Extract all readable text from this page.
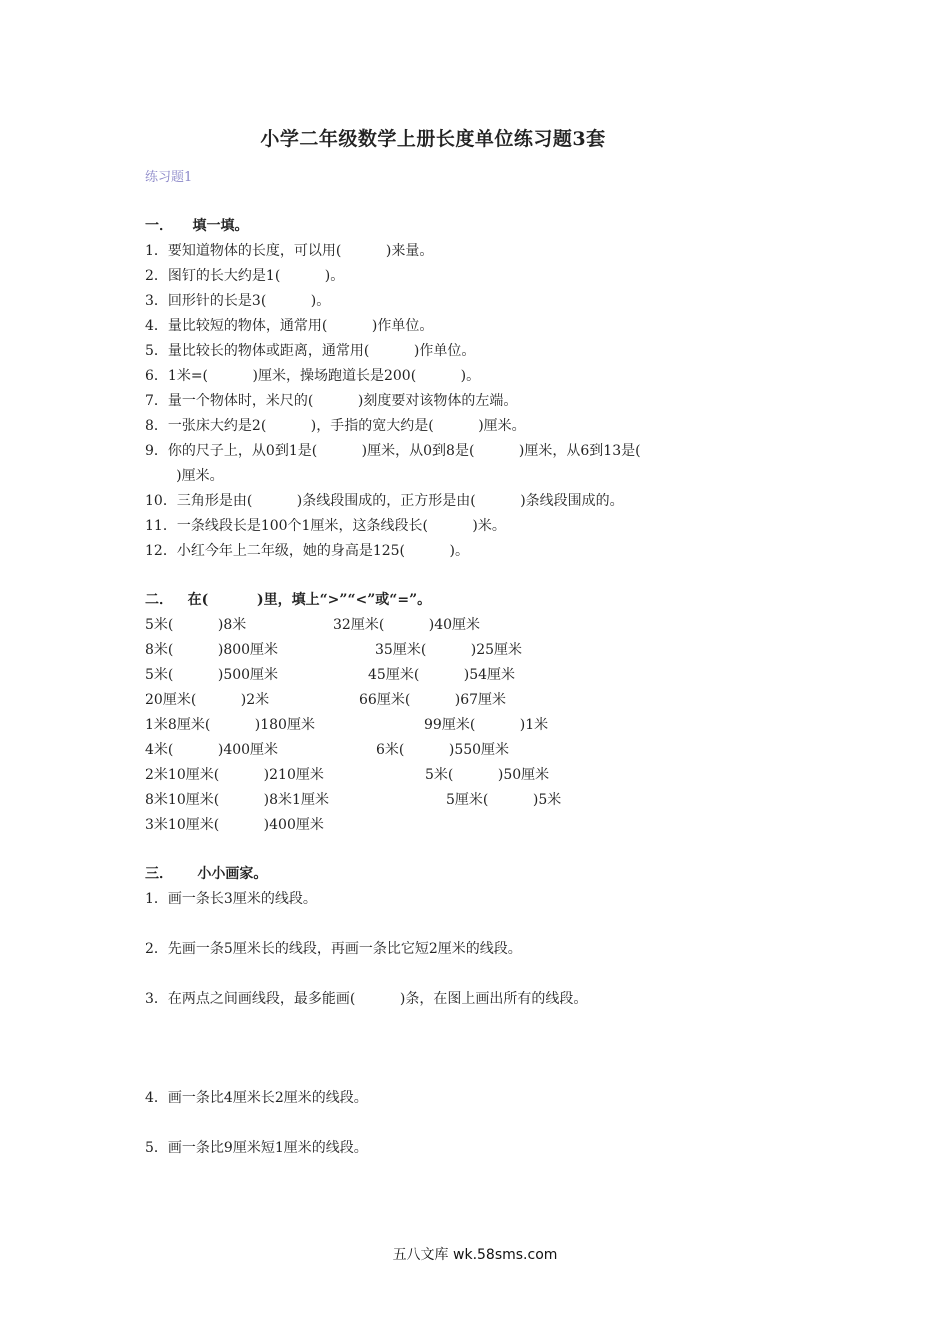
小学二年级数学上册长度单位练习题3套
练习题1
一．    填一填。
1．要知道物体的长度，可以用(          )来量。
2．图钉的长大约是1(          )。
3．回形针的长是3(          )。
4．量比较短的物体，通常用(          )作单位。
5．量比较长的物体或距离，通常用(          )作单位。
6．1米=(          )厘米，操场跑道长是200(          )。
7．量一个物体时，米尺的(          )刻度要对该物体的左端。
8．一张床大约是2(          )，手指的宽大约是(          )厘米。
9．你的尺子上，从0到1是(          )厘米，从0到8是(          )厘米，从6到13是(
)厘米。
10．三角形是由(          )条线段围成的，正方形是由(          )条线段围成的。
11．一条线段长是100个1厘米，这条线段长(          )米。
12．小红今年上二年级，她的身高是125(          )。
二．   在(          )里，填上“>”“<”或“=”。
5米(          )8米	32厘米(          )40厘米
8米(          )800厘米	35厘米(          )25厘米
5米(          )500厘米	45厘米(          )54厘米
20厘米(          )2米	66厘米(          )67厘米
1米8厘米(          )180厘米	99厘米(          )1米
4米(          )400厘米	6米(          )550厘米
2米10厘米(          )210厘米	5米(          )50厘米
8米10厘米(          )8米1厘米	5厘米(          )5米
3米10厘米(          )400厘米
三．     小小画家。
1．画一条长3厘米的线段。
2．先画一条5厘米长的线段，再画一条比它短2厘米的线段。
3．在两点之间画线段，最多能画(          )条，在图上画出所有的线段。
4．画一条比4厘米长2厘米的线段。
5．画一条比9厘米短1厘米的线段。
五八文库 wk.58sms.com
